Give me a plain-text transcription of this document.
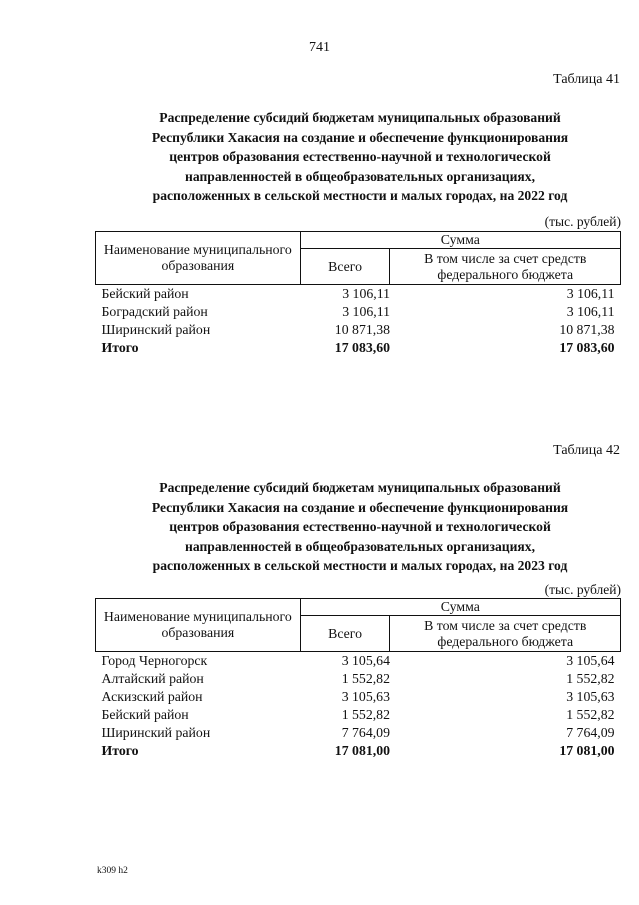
741
Таблица 41
Распределение субсидий бюджетам муниципальных образований
Республики Хакасия на создание и обеспечение функционирования
центров образования естественно-научной и технологической
направленностей в общеобразовательных организациях,
расположенных в сельской местности и малых городах, на 2022 год
(тыс. рублей)
Наименование муниципального образования	Сумма	
	Всего	В том числе за счет средств федерального бюджета
Бейский район	3 106,11	3 106,11
Боградский район	3 106,11	3 106,11
Ширинский район	10 871,38	10 871,38
Итого	17 083,60	17 083,60
Таблица 42
Распределение субсидий бюджетам муниципальных образований
Республики Хакасия на создание и обеспечение функционирования
центров образования естественно-научной и технологической
направленностей в общеобразовательных организациях,
расположенных в сельской местности и малых городах, на 2023 год
(тыс. рублей)
Наименование муниципального образования	Сумма	
	Всего	В том числе за счет средств федерального бюджета
Город Черногорск	3 105,64	3 105,64
Алтайский район	1 552,82	1 552,82
Аскизский район	3 105,63	3 105,63
Бейский район	1 552,82	1 552,82
Ширинский район	7 764,09	7 764,09
Итого	17 081,00	17 081,00
k309 h2
